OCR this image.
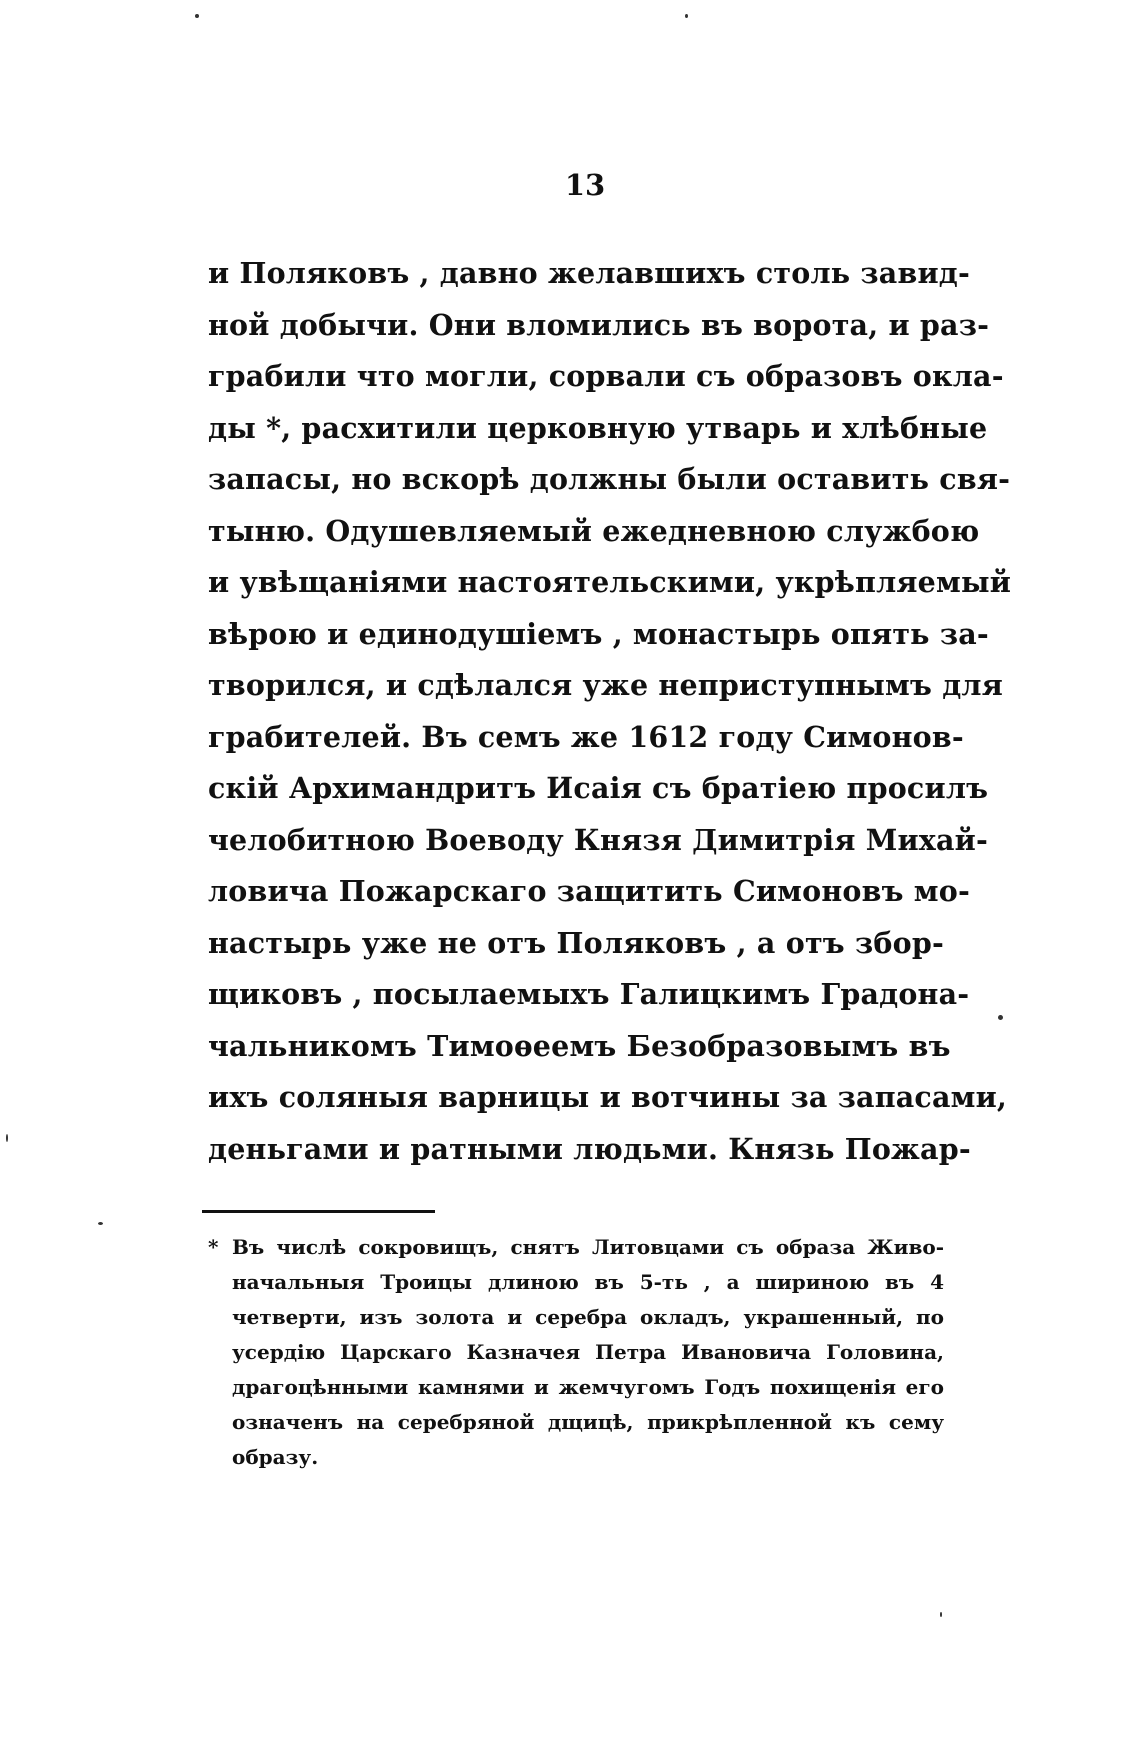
13
и Поляковъ , давно желавшихъ столь завид-
ной добычи. Они вломились въ ворота, и раз-
грабили что могли, сорвали съ образовъ окла-
ды *, расхитили церковную утварь и хлѣбные
запасы, но вскорѣ должны были оставить свя-
тыню. Одушевляемый ежедневною службою
и увѣщаніями настоятельскими, укрѣпляемый
вѣрою и единодушіемъ , монастырь опять за-
творился, и сдѣлался уже неприступнымъ для
грабителей. Въ семъ же 1612 году Симонов-
скій Архимандритъ Исаія съ братіею просилъ
челобитною Воеводу Князя Димитрія Михай-
ловича Пожарскаго защитить Симоновъ мо-
настырь уже не отъ Поляковъ , а отъ збор-
щиковъ , посылаемыхъ Галицкимъ Градона-
чальникомъ Тимоѳеемъ Безобразовымъ въ
ихъ соляныя варницы и вотчины за запасами,
деньгами и ратными людьми. Князь Пожар-
* Въ числѣ сокровищъ, снятъ Литовцами съ образа Живо-
начальныя Троицы длиною въ 5-ть , а шириною въ 4
четверти, изъ золота и серебра окладъ, украшенный, по
усердію Царскаго Казначея Петра Ивановича Головина,
драгоцѣнными камнями и жемчугомъ Годъ похищенія его
означенъ на серебряной дщицѣ, прикрѣпленной къ сему
образу.
